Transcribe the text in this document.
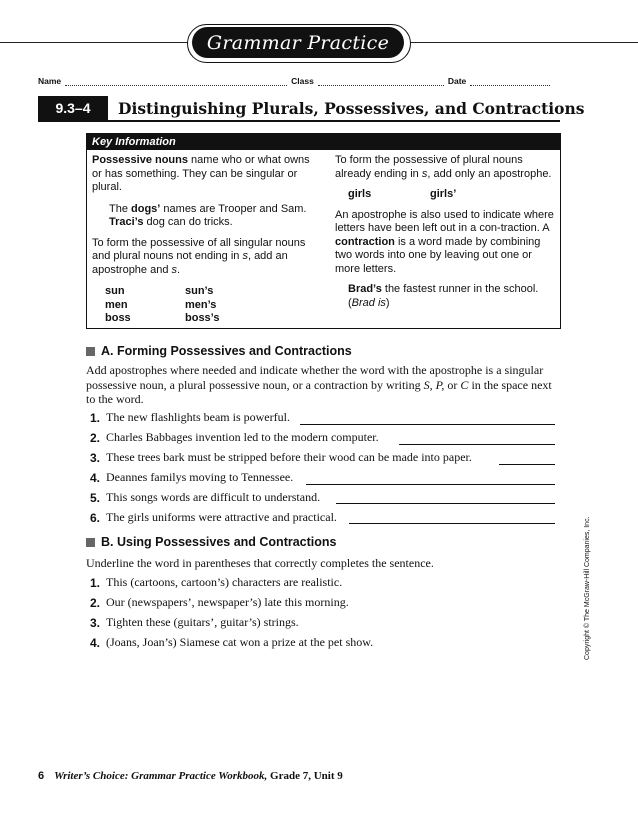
Grammar Practice
Name	Class	Date
9.3–4	Distinguishing Plurals, Possessives, and Contractions
Key Information

Possessive nouns name who or what owns or has something. They can be singular or plural.

The dogs’ names are Trooper and Sam.

Traci’s dog can do tricks.

To form the possessive of all singular nouns and plural nouns not ending in s, add an apostrophe and s.

sun	sun’s
men	men’s
boss	boss’s

To form the possessive of plural nouns already ending in s, add only an apostrophe.

girls	girls’

An apostrophe is also used to indicate where letters have been left out in a con-traction. A contraction is a word made by combining two words into one by leaving out one or more letters.

Brad’s the fastest runner in the school. (Brad is)

A. Forming Possessives and Contractions
Add apostrophes where needed and indicate whether the word with the apostrophe is a singular possessive noun, a plural possessive noun, or a contraction by writing S, P, or C in the space next to the word.
1. The new flashlights beam is powerful.
2. Charles Babbages invention led to the modern computer.
3. These trees bark must be stripped before their wood can be made into paper.
4. Deannes familys moving to Tennessee.
5. This songs words are difficult to understand.
6. The girls uniforms were attractive and practical.
B. Using Possessives and Contractions
Underline the word in parentheses that correctly completes the sentence.
1. This (cartoons, cartoon’s) characters are realistic.
2. Our (newspapers’, newspaper’s) late this morning.
3. Tighten these (guitars’, guitar’s) strings.
4. (Joans, Joan’s) Siamese cat won a prize at the pet show.	Copyright © The McGraw-Hill Companies, Inc.
6 Writer’s Choice: Grammar Practice Workbook, Grade 7, Unit 9
